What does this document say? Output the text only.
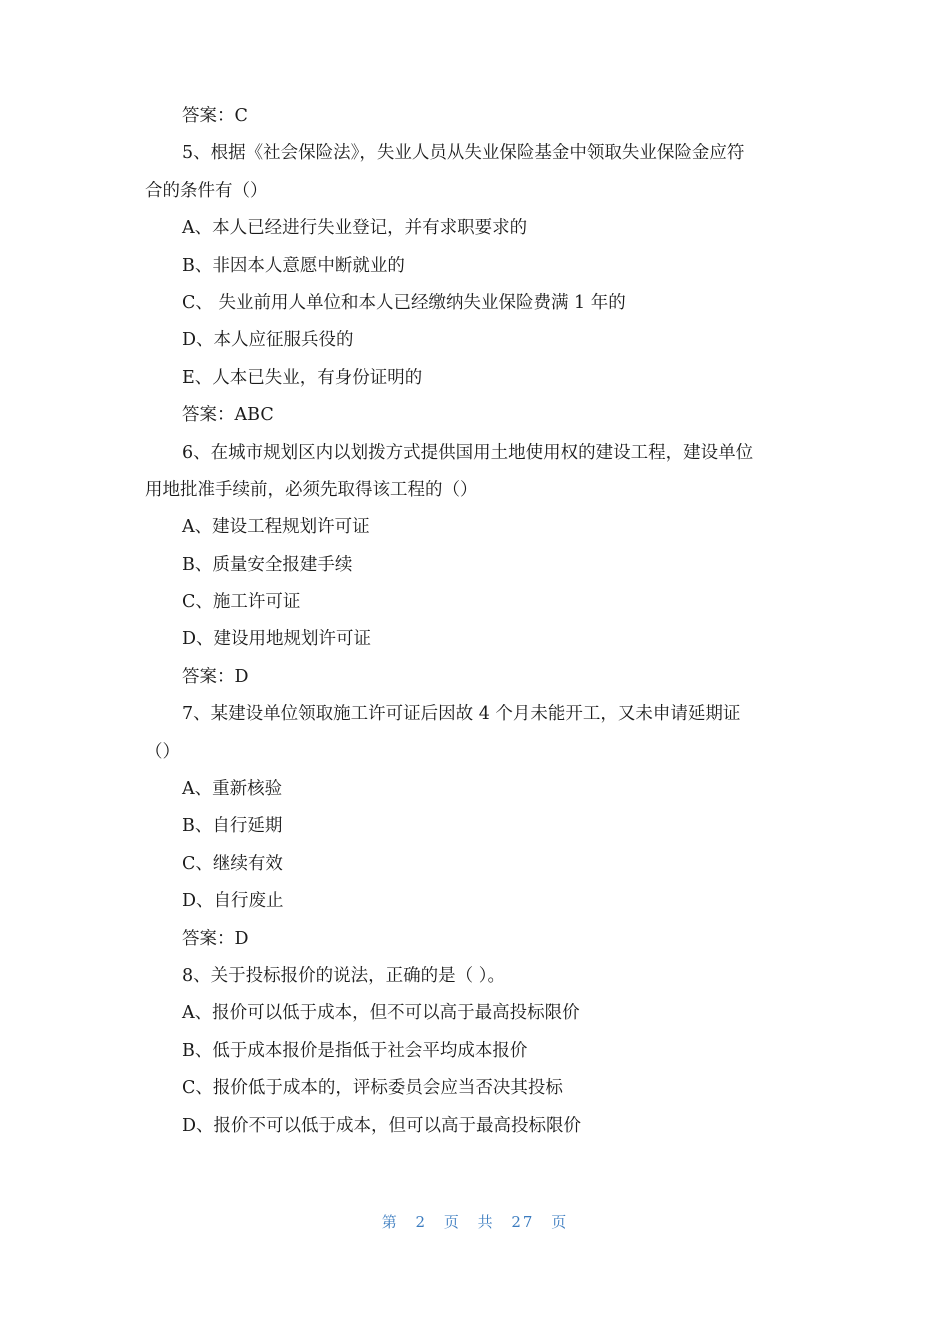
答案：C
5、根据《社会保险法》，失业人员从失业保险基金中领取失业保险金应符
合的条件有（）
A、本人已经进行失业登记，并有求职要求的
B、非因本人意愿中断就业的
C、 失业前用人单位和本人已经缴纳失业保险费满 1 年的
D、本人应征服兵役的
E、人本已失业，有身份证明的
答案：ABC
6、在城市规划区内以划拨方式提供国用土地使用权的建设工程，建设单位
用地批准手续前，必须先取得该工程的（）
A、建设工程规划许可证
B、质量安全报建手续
C、施工许可证
D、建设用地规划许可证
答案：D
7、某建设单位领取施工许可证后因故 4 个月未能开工，又未申请延期证
（）
A、重新核验
B、自行延期
C、继续有效
D、自行废止
答案：D
8、关于投标报价的说法，正确的是（ ）。
A、报价可以低于成本，但不可以高于最高投标限价
B、低于成本报价是指低于社会平均成本报价
C、报价低于成本的，评标委员会应当否决其投标
D、报价不可以低于成本，但可以高于最高投标限价
第 2 页 共 27 页
